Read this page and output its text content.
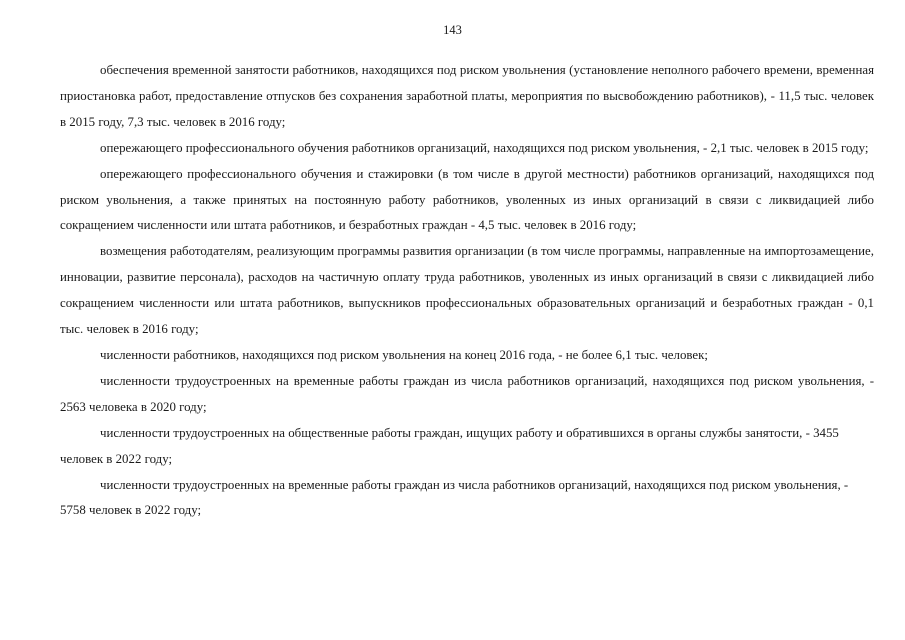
143

обеспечения временной занятости работников, находящихся под риском увольнения (установление неполного рабочего времени, временная приостановка работ, предоставление отпусков без сохранения заработной платы, мероприятия по высвобождению работников), - 11,5 тыс. человек в 2015 году, 7,3 тыс. человек в 2016 году;

опережающего профессионального обучения работников организаций, находящихся под риском увольнения, - 2,1 тыс. человек в 2015 году;

опережающего профессионального обучения и стажировки (в том числе в другой местности) работников организаций, находящихся под риском увольнения, а также принятых на постоянную работу работников, уволенных из иных организаций в связи с ликвидацией либо сокращением численности или штата работников, и безработных граждан - 4,5 тыс. человек в 2016 году;

возмещения работодателям, реализующим программы развития организации (в том числе программы, направленные на импортозамещение, инновации, развитие персонала), расходов на частичную оплату труда работников, уволенных из иных организаций в связи с ликвидацией либо сокращением численности или штата работников, выпускников профессиональных образовательных организаций и безработных граждан - 0,1 тыс. человек в 2016 году;

численности работников, находящихся под риском увольнения на конец 2016 года, - не более 6,1 тыс. человек;

численности трудоустроенных на временные работы граждан из числа работников организаций, находящихся под риском увольнения, - 2563 человека в 2020 году;

численности трудоустроенных на общественные работы граждан, ищущих работу и обратившихся в органы службы занятости, - 3455 человек в 2022 году;

численности трудоустроенных на временные работы граждан из числа работников организаций, находящихся под риском увольнения, - 5758 человек в 2022 году;
